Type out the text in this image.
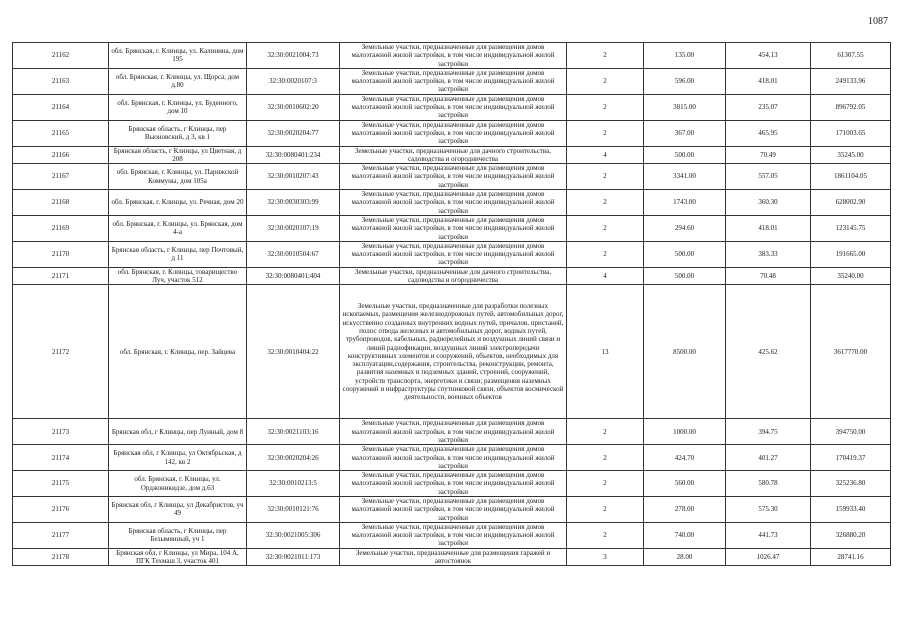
1087
21162	обл. Брянская, г. Клинцы, ул. Калинина, дом 195	32:30:0021004:73	Земельные участки, предназначенные для размещения домов малоэтажной жилой застройки, в том числе индивидуальной жилой застройки	2	135.00	454.13	61307.55
21163	обл. Брянская, г. Клинцы, ул. Щорса, дом д.80	32:30:0020107:3	Земельные участки, предназначенные для размещения домов малоэтажной жилой застройки, в том числе индивидуальной жилой застройки	2	596.00	418.01	249133.96
21164	обл. Брянская, г. Клинцы, ул. Буденного, дом 10	32:30:0010602:20	Земельные участки, предназначенные для размещения домов малоэтажной жилой застройки, в том числе индивидуальной жилой застройки	2	3815.00	235.07	896792.05
21165	Брянская область, г Клинцы, пер Выоновский, д 3, кв 1	32:30:0020204:77	Земельные участки, предназначенные для размещения домов малоэтажной жилой застройки, в том числе индивидуальной жилой застройки	2	367.00	465.95	171003.65
21166	Брянская область, г Клинцы, ул Цветная, д 208	32:30:0080401:234	Земельные участки, предназначенные для дачного строительства, садоводства и огородничества	4	500.00	70.49	35245.00
21167	обл. Брянская, г. Клинцы, ул. Парижской Коммуны, дом 105а	32:30:0010207:43	Земельные участки, предназначенные для размещения домов малоэтажной жилой застройки, в том числе индивидуальной жилой застройки	2	3341.00	557.05	1861104.05
21168	обл. Брянская, г. Клинцы, ул. Речная, дом 20	32:30:0030303:99	Земельные участки, предназначенные для размещения домов малоэтажной жилой застройки, в том числе индивидуальной жилой застройки	2	1743.00	360.30	628002.90
21169	обл. Брянская, г. Клинцы, ул. Брянская, дом 4-а	32:30:0020107:19	Земельные участки, предназначенные для размещения домов малоэтажной жилой застройки, в том числе индивидуальной жилой застройки	2	294.60	418.01	123145.75
21170	Брянская область, г Клинцы, пер Почтовый, д 11	32:30:0010504:67	Земельные участки, предназначенные для размещения домов малоэтажной жилой застройки, в том числе индивидуальной жилой застройки	2	500.00	383.33	191665.00
21171	обл. Брянская, г. Клинцы, товарищество Луч, участок 512	32:30:0080401:404	Земельные участки, предназначенные для дачного строительства, садоводства и огородничества	4	500.00	70.48	35240.00
21172	обл. Брянская, г. Клинцы, пер. Зайцева	32:30:0010404:22	Земельные участки, предназначенные для разработки полезных ископаемых, размещения железнодорожных путей, автомобильных дорог, искусственно созданных внутренних водных путей, причалов, пристаней, полос отвода железных и автомобильных дорог, водных путей, трубопроводов, кабельных, радиорелейных и воздушных линий связи и линий радиофикации, воздушных линий электропередачи конструктивных элементов и сооружений, объектов, необходимых для эксплуатации,содержания, строительства, реконструкции, ремонта, развития наземных и подземных зданий, строений, сооружений, устройств транспорта, энергетики и связи; размещения наземных сооружений и инфраструктуры спутниковой связи, объектов космической деятельности, военных объектов	13	8500.00	425.62	3617770.00
21173	Брянская обл, г Клинцы, пер Лунный, дом 8	32:30:0021103:16	Земельные участки, предназначенные для размещения домов малоэтажной жилой застройки, в том числе индивидуальной жилой застройки	2	1000.00	394.75	394750.00
21174	Брянская обл, г Клинцы, ул Октябрьская, д 142, кв 2	32:30:0020204:26	Земельные участки, предназначенные для размещения домов малоэтажной жилой застройки, в том числе индивидуальной жилой застройки	2	424.70	401.27	170419.37
21175	обл. Брянская, г. Клинцы, ул. Орджоникидзе, дом д.63	32:30:0010213:5	Земельные участки, предназначенные для размещения домов малоэтажной жилой застройки, в том числе индивидуальной жилой застройки	2	560.00	580.78	325236.80
21176	Брянская обл, г Клинцы, ул Декабристов, уч 49	32:30:0010121:76	Земельные участки, предназначенные для размещения домов малоэтажной жилой застройки, в том числе индивидуальной жилой застройки	2	278.00	575.30	159933.40
21177	Брянская область, г Клинцы, пер Безымянный, уч 1	32:30:0021005:306	Земельные участки, предназначенные для размещения домов малоэтажной жилой застройки, в том числе индивидуальной жилой застройки	2	740.00	441.73	326880.20
21178	Брянская обл, г Клинцы, ул Мира, 104 А, ПГК Техмаш 3, участок 401	32:30:0021011:173	Земельные участки, предназначенные для размещения гаражей и автостоянок	3	28.00	1026.47	28741.16
